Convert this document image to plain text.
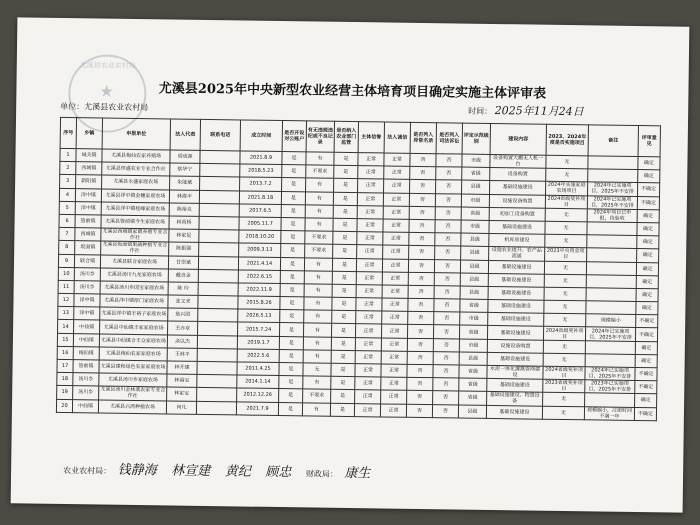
尤溪县农业农村局
★	尤溪县2025年中央新型农业经营主体培育项目确定实施主体评审表
单位：尤溪县农业农村局	时间： 2025年11月24日
序号	乡镇	申报单位	法人代表	联系电话	成立时间	是否开设对公账户	有无违规违纪或不良记录	是否纳入农业部门监管	主体信誉	法人诚信	是否列入异常名录	是否列入司法诉讼	评定示范级别	建设内容	2023、2024年度是否实施项目	备注	评审意见
1	城关镇	尤溪县梅仙农家养殖场	胡成源		2021.8.9	是	有	是	正常	正常	否	否	市级	设备购置大棚无人机一台	无		确定
2	西城镇	尤溪县恒盛农业专业合作社	蔡华宁		2018.5.23	是	不要求	是	正常	正常	否	否	省级	设备购置	无		确定
3	新阳镇	尤溪县永盛家庭农场	朱能斌		2013.7.2	是	有	是	正常	正常	否	否	县级	基础设施建设	2024年实施家庭农场项目	2024年已实施项目，2025年不安排	不确定
4	洋中镇	尤溪县洋中镇金穗家庭农场	林海丰		2021.8.18	是	有	是	正常	正常	否	否	市级	设施设备购置	2024省级奖补项目	2024年已实施项目，2025年不安排	不确定
5	洋中镇	尤溪县洋中镇桂峰家庭农场	陈裕良		2017.6.5	是	有	是	正常	正常	否	否	省级	初加工设备购置	无	2024年项目已申报，待验收	确定
6	管前镇	尤溪县管前镇今生家庭农场	林尚桥		2005.11.7	是	有	是	正常	正常	否	否	市级	基础设施建设	无		确定
7	西城镇	尤溪县西城镇家禽养殖专业合作社	林家星		2018.10.20	是	不要求	是	正常	正常	否	否	县级	机库房建设	无		确定
8	坂面镇	尤溪县坂面镇果蔬种植专业合作社	陈振强		2009.3.13	是	不要求	是	正常	正常	否	否	县级	设施农业提升、农产品流通	2023中央资金项目		确定
9	联合镇	尤溪县联合家庭农场	甘崇斌		2021.4.14	是	有	是	正常	正常	否	否	县级	基础设施建设	无		确定
10	汤川乡	尤溪县汤川九龙家庭农场	戴良金		2022.6.15	是	有	是	正常	正常	否	否	县级	基础设施建设	无		确定
11	汤川乡	尤溪县汤川乡国宝家庭农场	陈 玲		2022.11.9	是	有	是	正常	正常	否	否	县级	基础设施建设	无		确定
12	洋中镇	尤溪县洋中镇厚门家庭农场	张文来		2015.8.26	是	有	是	正常	正常	否	否	省级	基础设施建设	无		确定
13	洋中镇	尤溪县洋中镇丰裕子家庭农场	詹兴国		2026.5.13	是	有	是	正常	正常	否	否	市级	基础设施建设	无	规模偏小	不确定
14	中仙镇	尤溪县中仙镇丰家家庭农场	王亦章		2015.7.24	是	有	是	正常	正常	否	否	省级	基础设施建设	2024省级奖补项目	2024年已实施项目，2025年不安排	不确定
15	中仙镇	尤溪县中仙镇合丰众家庭农场	余以杰		2019.1.7	是	有	是	正常	正常	否	否	市级	设施设备购置	无		确定
16	梅仙镇	尤溪县梅仙农家家庭农场	王林平		2022.5.6	是	有	是	正常	正常	否	否	县级	基础设施建设	无		确定
17	管前镇	尤溪县建和绿色农家家庭农场	林开建		2011.4.25	是	无	是	正常	正常	否	否	省级	水泥一体化灌溉管网建设	2024省级奖补项目	2024年已实施项目，2025年不安排	不确定
18	汤川乡	尤溪县汤川乡家庭农场	林丽宝		2014.1.14	是	有	是	正常	正常	否	否	省级	基础设施建设	2023省级奖补项目	2023年已实施项目，2025年不安排	不确定
19	汤川乡	尤溪县汤川金林溪农家专业合作社	林家宝		2012.12.26	是	不要求	是	正常	正常	否	否	省级	基础设施建设、物置设备	无		确定
20	中仙镇	尤溪县兴鸿种植农场	何凡		2021.7.9	是	有	是	正常	正常	否	否	县级	基础设施建设	无	规模偏小，注册时间不满一年	不确定
农业农村局： 钱静海 林宣建 黄纪 顾忠 财政局： 康生
